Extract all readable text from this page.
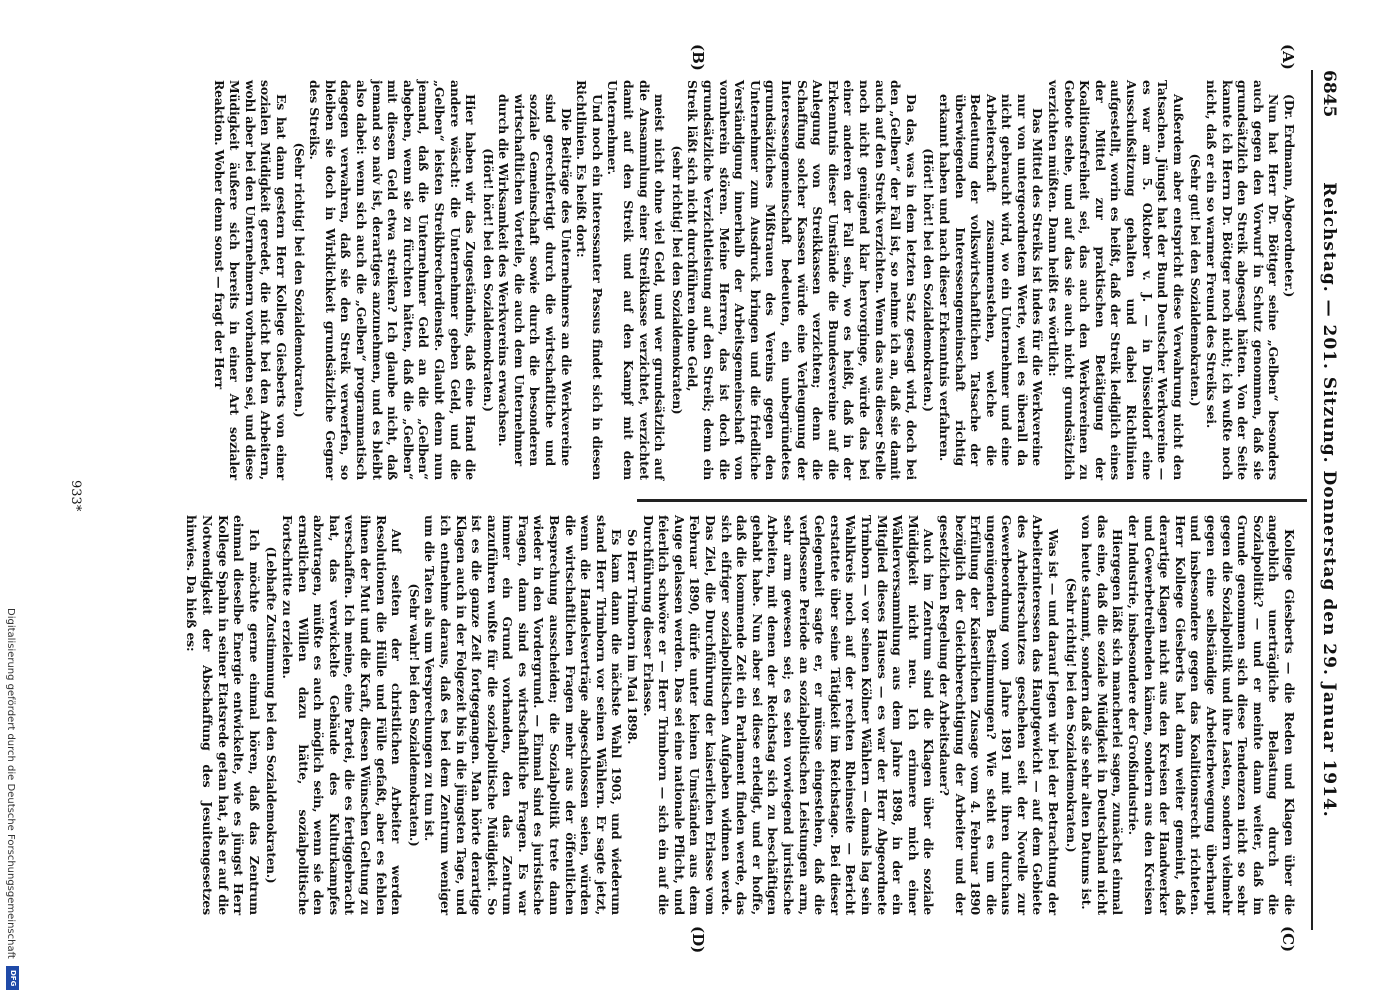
6845
Reichstag. — 201. Sitzung. Donnerstag den 29. Januar 1914.
(A)
(B)
(C)
(D)

(Dr. Erdmann, Abgeordneter.)

Nun hat Herr Dr. Böttger seine „Gelben“ besonders auch gegen den Vorwurf in Schutz genommen, daß sie grundsätzlich den Streik abgesagt hätten. Von der Seite kannte ich Herrn Dr. Böttger noch nicht; ich wußte noch nicht, daß er ein so warmer Freund des Streiks sei.

(Sehr gut! bei den Sozialdemokraten.)

Außerdem aber entspricht diese Verwahrung nicht den Tatsachen. Jüngst hat der Bund Deutscher Werkvereine — es war am 5. Oktober v. J. — in Düsseldorf eine Ausschußsitzung gehalten und dabei Richtlinien aufgestellt, worin es heißt, daß der Streik lediglich eines der Mittel zur praktischen Betätigung der Koalitionsfreiheit sei, das auch den Werkvereinen zu Gebote stehe, und auf das sie auch nicht grundsätzlich verzichten müßten. Dann heißt es wörtlich:

Das Mittel des Streiks ist indes für die Werkvereine nur von untergeordnetem Werte, weil es überall da nicht gebraucht wird, wo ein Unternehmer und eine Arbeiterschaft zusammenstehen, welche die Bedeutung der volkswirtschaftlichen Tatsache der überwiegenden Interessengemeinschaft richtig erkannt haben und nach dieser Erkenntnis verfahren.

(Hört! hört! bei den Sozialdemokraten.)

Da das, was in dem letzten Satz gesagt wird, doch bei den „Gelben“ der Fall ist, so nehme ich an, daß sie damit auch auf den Streik verzichten. Wenn das aus dieser Stelle noch nicht genügend klar hervorginge, würde das bei einer anderen der Fall sein, wo es heißt, daß in der Erkenntnis dieser Umstände die Bundesvereine auf die Anlegung von Streikkassen verzichten; denn die Schaffung solcher Kassen würde eine Verleugnung der Interessengemeinschaft bedeuten, ein unbegründetes grundsätzliches Mißtrauen des Vereins gegen den Unternehmer zum Ausdruck bringen und die friedliche Verständigung innerhalb der Arbeitsgemeinschaft von vornherein stören. Meine Herren, das ist doch die grundsätzliche Verzichtleistung auf den Streik; denn ein Streik läßt sich nicht durchführen ohne Geld,

(sehr richtig! bei den Sozialdemokraten)

meist nicht ohne viel Geld, und wer grundsätzlich auf die Ansammlung einer Streikkasse verzichtet, verzichtet damit auf den Streik und auf den Kampf mit dem Unternehmer.

Und noch ein interessanter Passus findet sich in diesen Richtlinien. Es heißt dort:

Die Beiträge des Unternehmers an die Werkvereine sind gerechtfertigt durch die wirtschaftliche und soziale Gemeinschaft sowie durch die besonderen wirtschaftlichen Vorteile, die auch dem Unternehmer durch die Wirksamkeit des Werkvereins erwachsen.

(Hört! hört! bei den Sozialdemokraten.)

Hier haben wir das Zugeständnis, daß eine Hand die andere wäscht: die Unternehmer geben Geld, und die „Gelben“ leisten Streikbrecherdienste. Glaubt denn nun jemand, daß die Unternehmer Geld an die „Gelben“ abgeben, wenn sie zu fürchten hätten, daß die „Gelben“ mit diesem Geld etwa streiken? Ich glaube nicht, daß jemand so naiv ist, derartiges anzunehmen, und es bleibt also dabei: wenn sich auch die „Gelben“ programmatisch dagegen verwahren, daß sie den Streik verwerfen, so bleiben sie doch in Wirklichkeit grundsätzliche Gegner des Streiks.

(Sehr richtig! bei den Sozialdemokraten.)

Es hat dann gestern Herr Kollege Giesberts von einer sozialen Müdigkeit geredet, die nicht bei den Arbeitern, wohl aber bei den Unternehmern vorhanden sei, und diese Müdigkeit äußere sich bereits in einer Art sozialer Reaktion. Woher denn sonst — fragt der Herr

Kollege Giesberts — die Reden und Klagen über die angeblich unerträgliche Belastung durch die Sozialpolitik? — und er meinte dann weiter, daß im Grunde genommen sich diese Tendenzen nicht so sehr gegen die Sozialpolitik und ihre Lasten, sondern vielmehr gegen eine selbständige Arbeiterbewegung überhaupt und insbesondere gegen das Koalitionsrecht richteten. Herr Kollege Giesberts hat dann weiter gemeint, daß derartige Klagen nicht aus den Kreisen der Handwerker und Gewerbetreibenden kämen, sondern aus den Kreisen der Industrie, insbesondere der Großindustrie.

Hiergegen läßt sich mancherlei sagen, zunächst einmal das eine, daß die soziale Müdigkeit in Deutschland nicht von heute stammt, sondern daß sie sehr alten Datums ist.

(Sehr richtig! bei den Sozialdemokraten.)

Was ist — und darauf legen wir bei der Betrachtung der Arbeiterinteressen das Hauptgewicht — auf dem Gebiete des Arbeiterschutzes geschehen seit der Novelle zur Gewerbeordnung vom Jahre 1891 mit ihren durchaus ungenügenden Bestimmungen? Wie steht es um die Erfüllung der Kaiserlichen Zusage vom 4. Februar 1890 bezüglich der Gleichberechtigung der Arbeiter und der gesetzlichen Regelung der Arbeitsdauer?

Auch im Zentrum sind die Klagen über die soziale Müdigkeit nicht neu. Ich erinnere mich einer Wählerversammlung aus dem Jahre 1898, in der ein Mitglied dieses Hauses — es war der Herr Abgeordnete Trimborn — vor seinen Kölner Wählern — damals lag sein Wahlkreis noch auf der rechten Rheinseite — Bericht erstattete über seine Tätigkeit im Reichstage. Bei dieser Gelegenheit sagte er, er müsse eingestehen, daß die verflossene Periode an sozialpolitischen Leistungen arm, sehr arm gewesen sei; es seien vorwiegend juristische Arbeiten, mit denen der Reichstag sich zu beschäftigen gehabt habe. Nun aber sei diese erledigt, und er hoffe, daß die kommende Zeit ein Parlament finden werde, das sich eifriger sozialpolitischen Aufgaben widmen werde. Das Ziel, die Durchführung der kaiserlichen Erlasse vom Februar 1890, dürfe unter keinen Umständen aus dem Auge gelassen werden. Das sei eine nationale Pflicht, und feierlich schwöre er — Herr Trimborn — sich ein auf die Durchführung dieser Erlasse.

So Herr Trimborn im Mai 1898.

Es kam dann die nächste Wahl 1903, und wiederum stand Herr Trimborn vor seinen Wählern. Er sagte jetzt, wenn die Handelsverträge abgeschlossen seien, würden die wirtschaftlichen Fragen mehr aus der öffentlichen Besprechung ausscheiden; die Sozialpolitik trete dann wieder in den Vordergrund. — Einmal sind es juristische Fragen, dann sind es wirtschaftliche Fragen. Es war immer ein Grund vorhanden, den das Zentrum anzuführen wußte für die sozialpolitische Müdigkeit. So ist es die ganze Zeit fortgegangen. Man hörte derartige Klagen auch in der Folgezeit bis in die jüngsten Tage, und ich entnehme daraus, daß es bei dem Zentrum weniger um die Taten als um Versprechungen zu tun ist.

(Sehr wahr! bei den Sozialdemokraten.)

Auf seiten der christlichen Arbeiter werden Resolutionen die Hülle und Fülle gefaßt, aber es fehlen ihnen der Mut und die Kraft, diesen Wünschen Geltung zu verschaffen. Ich meine, eine Partei, die es fertiggebracht hat, das verwickelte Gebäude des Kulturkampfes abzutragen, müßte es auch möglich sein, wenn sie den ernstlichen Willen dazu hätte, sozialpolitische Fortschritte zu erzielen.

(Lebhafte Zustimmung bei den Sozialdemokraten.)

Ich möchte gerne einmal hören, daß das Zentrum einmal dieselbe Energie entwickelte, wie es jüngst Herr Kollege Spahn in seiner Etatsrede getan hat, als er auf die Notwendigkeit der Abschaffung des Jesuitengesetzes hinwies. Da hieß es:

933*
Digitalisierung gefördert durch die Deutsche Forschungsgemeinschaft
DFG
